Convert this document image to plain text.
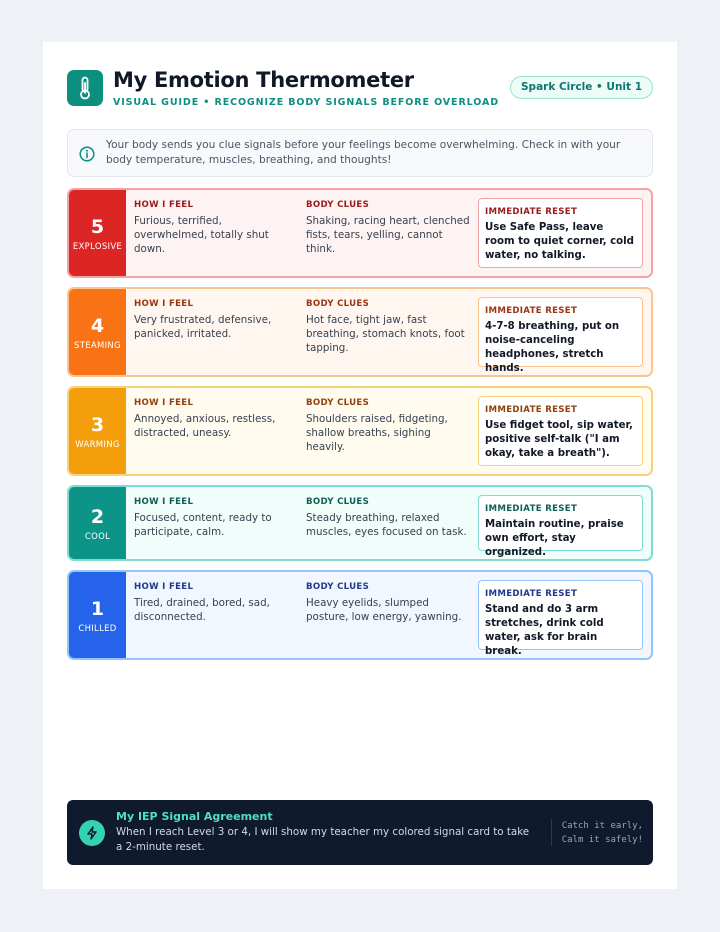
My Emotion Thermometer
VISUAL GUIDE • RECOGNIZE BODY SIGNALS BEFORE OVERLOAD
Spark Circle • Unit 1
Your body sends you clue signals before your feelings become overwhelming. Check in with your body temperature, muscles, breathing, and thoughts!
5
EXPLOSIVE
HOW I FEEL
Furious, terrified, overwhelmed, totally shut down.
BODY CLUES
Shaking, racing heart, clenched fists, tears, yelling, cannot think.
IMMEDIATE RESET
Use Safe Pass, leave room to quiet corner, cold water, no talking.
4
STEAMING
HOW I FEEL
Very frustrated, defensive, panicked, irritated.
BODY CLUES
Hot face, tight jaw, fast breathing, stomach knots, foot tapping.
IMMEDIATE RESET
4-7-8 breathing, put on noise-canceling headphones, stretch hands.
3
WARMING
HOW I FEEL
Annoyed, anxious, restless, distracted, uneasy.
BODY CLUES
Shoulders raised, fidgeting, shallow breaths, sighing heavily.
IMMEDIATE RESET
Use fidget tool, sip water, positive self-talk ("I am okay, take a breath").
2
COOL
HOW I FEEL
Focused, content, ready to participate, calm.
BODY CLUES
Steady breathing, relaxed muscles, eyes focused on task.
IMMEDIATE RESET
Maintain routine, praise own effort, stay organized.
1
CHILLED
HOW I FEEL
Tired, drained, bored, sad, disconnected.
BODY CLUES
Heavy eyelids, slumped posture, low energy, yawning.
IMMEDIATE RESET
Stand and do 3 arm stretches, drink cold water, ask for brain break.
My IEP Signal Agreement
When I reach Level 3 or 4, I will show my teacher my colored signal card to take a 2-minute reset.
Catch it early,
Calm it safely!
